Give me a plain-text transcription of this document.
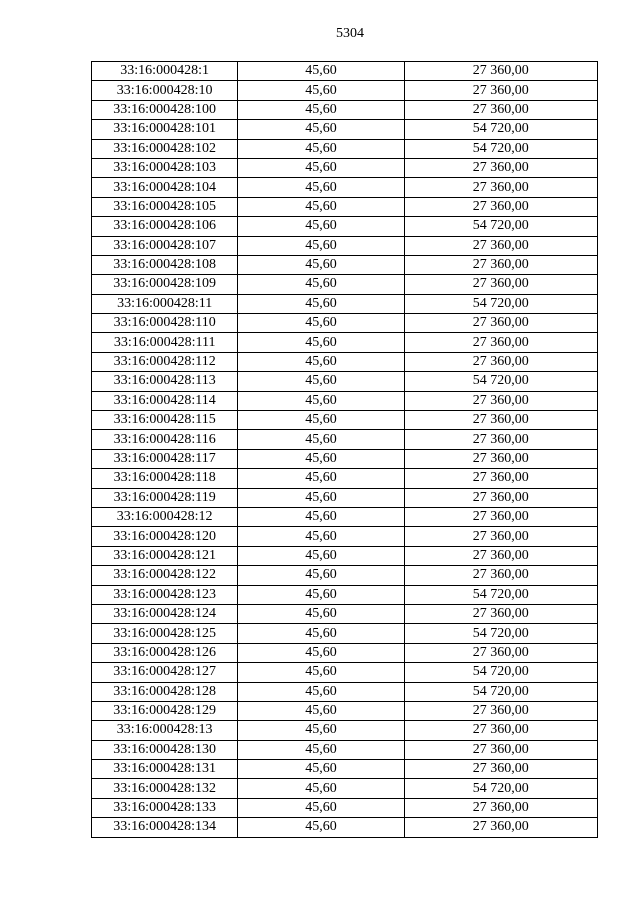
5304
33:16:000428:1	45,60	27 360,00
33:16:000428:10	45,60	27 360,00
33:16:000428:100	45,60	27 360,00
33:16:000428:101	45,60	54 720,00
33:16:000428:102	45,60	54 720,00
33:16:000428:103	45,60	27 360,00
33:16:000428:104	45,60	27 360,00
33:16:000428:105	45,60	27 360,00
33:16:000428:106	45,60	54 720,00
33:16:000428:107	45,60	27 360,00
33:16:000428:108	45,60	27 360,00
33:16:000428:109	45,60	27 360,00
33:16:000428:11	45,60	54 720,00
33:16:000428:110	45,60	27 360,00
33:16:000428:111	45,60	27 360,00
33:16:000428:112	45,60	27 360,00
33:16:000428:113	45,60	54 720,00
33:16:000428:114	45,60	27 360,00
33:16:000428:115	45,60	27 360,00
33:16:000428:116	45,60	27 360,00
33:16:000428:117	45,60	27 360,00
33:16:000428:118	45,60	27 360,00
33:16:000428:119	45,60	27 360,00
33:16:000428:12	45,60	27 360,00
33:16:000428:120	45,60	27 360,00
33:16:000428:121	45,60	27 360,00
33:16:000428:122	45,60	27 360,00
33:16:000428:123	45,60	54 720,00
33:16:000428:124	45,60	27 360,00
33:16:000428:125	45,60	54 720,00
33:16:000428:126	45,60	27 360,00
33:16:000428:127	45,60	54 720,00
33:16:000428:128	45,60	54 720,00
33:16:000428:129	45,60	27 360,00
33:16:000428:13	45,60	27 360,00
33:16:000428:130	45,60	27 360,00
33:16:000428:131	45,60	27 360,00
33:16:000428:132	45,60	54 720,00
33:16:000428:133	45,60	27 360,00
33:16:000428:134	45,60	27 360,00
